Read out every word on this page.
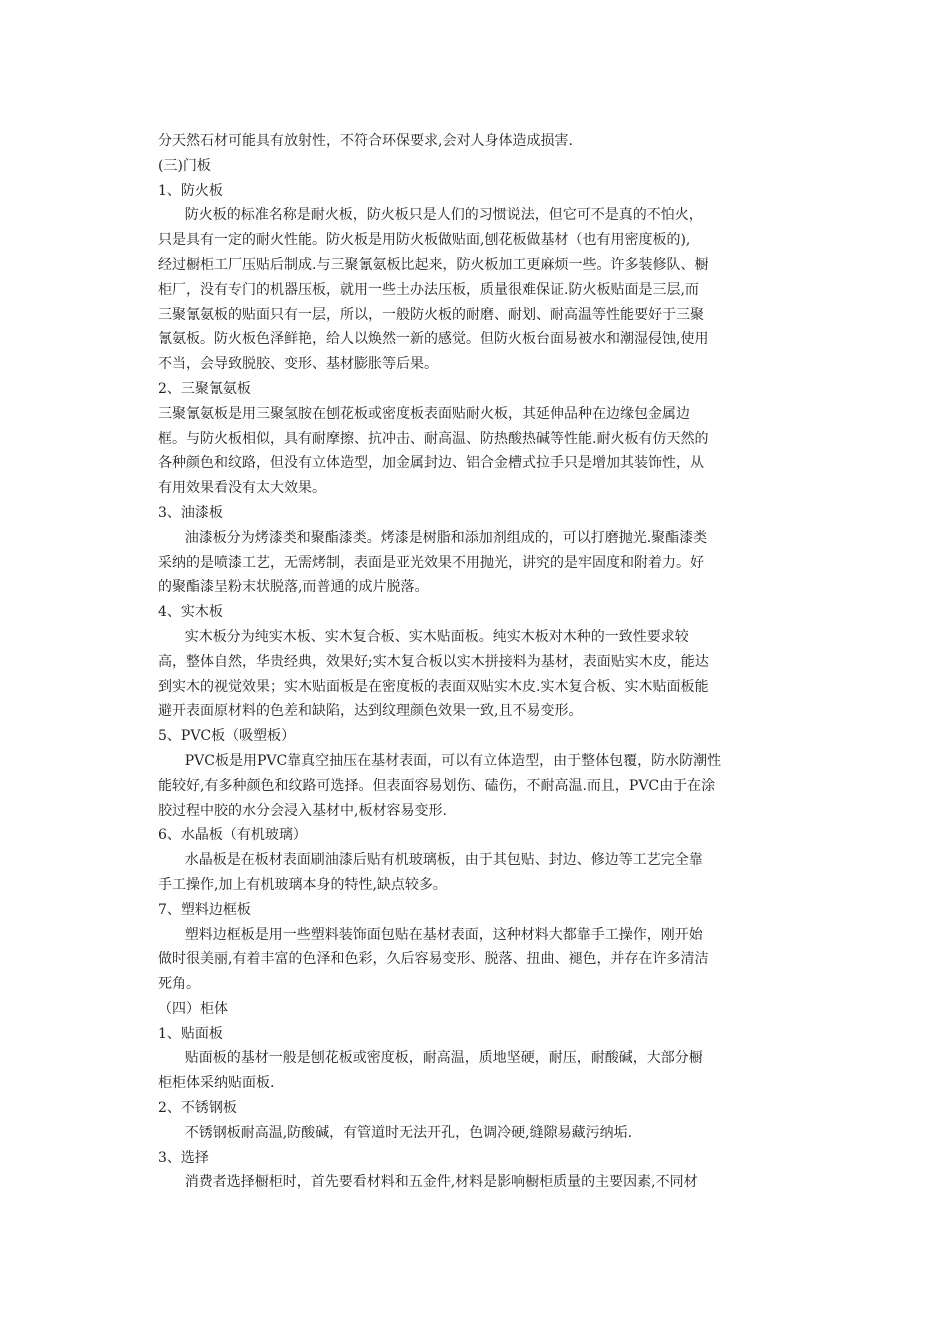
分天然石材可能具有放射性，不符合环保要求,会对人身体造成损害.
(三)门板
1、防火板
防火板的标准名称是耐火板，防火板只是人们的习惯说法，但它可不是真的不怕火，
只是具有一定的耐火性能。防火板是用防火板做贴面,刨花板做基材（也有用密度板的),
经过橱柜工厂压贴后制成.与三聚氰氨板比起来，防火板加工更麻烦一些。许多装修队、橱
柜厂，没有专门的机器压板，就用一些土办法压板，质量很难保证.防火板贴面是三层,而
三聚氰氨板的贴面只有一层，所以，一般防火板的耐磨、耐划、耐高温等性能要好于三聚
氰氨板。防火板色泽鲜艳，给人以焕然一新的感觉。但防火板台面易被水和潮湿侵蚀,使用
不当，会导致脱胶、变形、基材膨胀等后果。
2、三聚氰氨板
三聚氰氨板是用三聚氢胺在刨花板或密度板表面贴耐火板，其延伸品种在边缘包金属边
框。与防火板相似，具有耐摩擦、抗冲击、耐高温、防热酸热碱等性能.耐火板有仿天然的
各种颜色和纹路，但没有立体造型，加金属封边、铝合金槽式拉手只是增加其装饰性，从
有用效果看没有太大效果。
3、油漆板
油漆板分为烤漆类和聚酯漆类。烤漆是树脂和添加剂组成的，可以打磨抛光.聚酯漆类
采纳的是喷漆工艺，无需烤制，表面是亚光效果不用抛光，讲究的是牢固度和附着力。好
的聚酯漆呈粉末状脱落,而普通的成片脱落。
4、实木板
实木板分为纯实木板、实木复合板、实木贴面板。纯实木板对木种的一致性要求较
高，整体自然，华贵经典，效果好;实木复合板以实木拼接料为基材，表面贴实木皮，能达
到实木的视觉效果；实木贴面板是在密度板的表面双贴实木皮.实木复合板、实木贴面板能
避开表面原材料的色差和缺陷，达到纹理颜色效果一致,且不易变形。
5、PVC板（吸塑板）
PVC板是用PVC靠真空抽压在基材表面，可以有立体造型，由于整体包覆，防水防潮性
能较好,有多种颜色和纹路可选择。但表面容易划伤、磕伤，不耐高温.而且，PVC由于在涂
胶过程中胶的水分会浸入基材中,板材容易变形.
6、水晶板（有机玻璃）
水晶板是在板材表面刷油漆后贴有机玻璃板，由于其包贴、封边、修边等工艺完全靠
手工操作,加上有机玻璃本身的特性,缺点较多。
7、塑料边框板
塑料边框板是用一些塑料装饰面包贴在基材表面，这种材料大都靠手工操作，刚开始
做时很美丽,有着丰富的色泽和色彩，久后容易变形、脱落、扭曲、褪色，并存在许多清洁
死角。
（四）柜体
1、贴面板
贴面板的基材一般是刨花板或密度板，耐高温，质地坚硬，耐压，耐酸碱，大部分橱
柜柜体采纳贴面板.
2、不锈钢板
不锈钢板耐高温,防酸碱，有管道时无法开孔，色调冷硬,缝隙易藏污纳垢.
3、选择
消费者选择橱柜时，首先要看材料和五金件,材料是影响橱柜质量的主要因素,不同材
